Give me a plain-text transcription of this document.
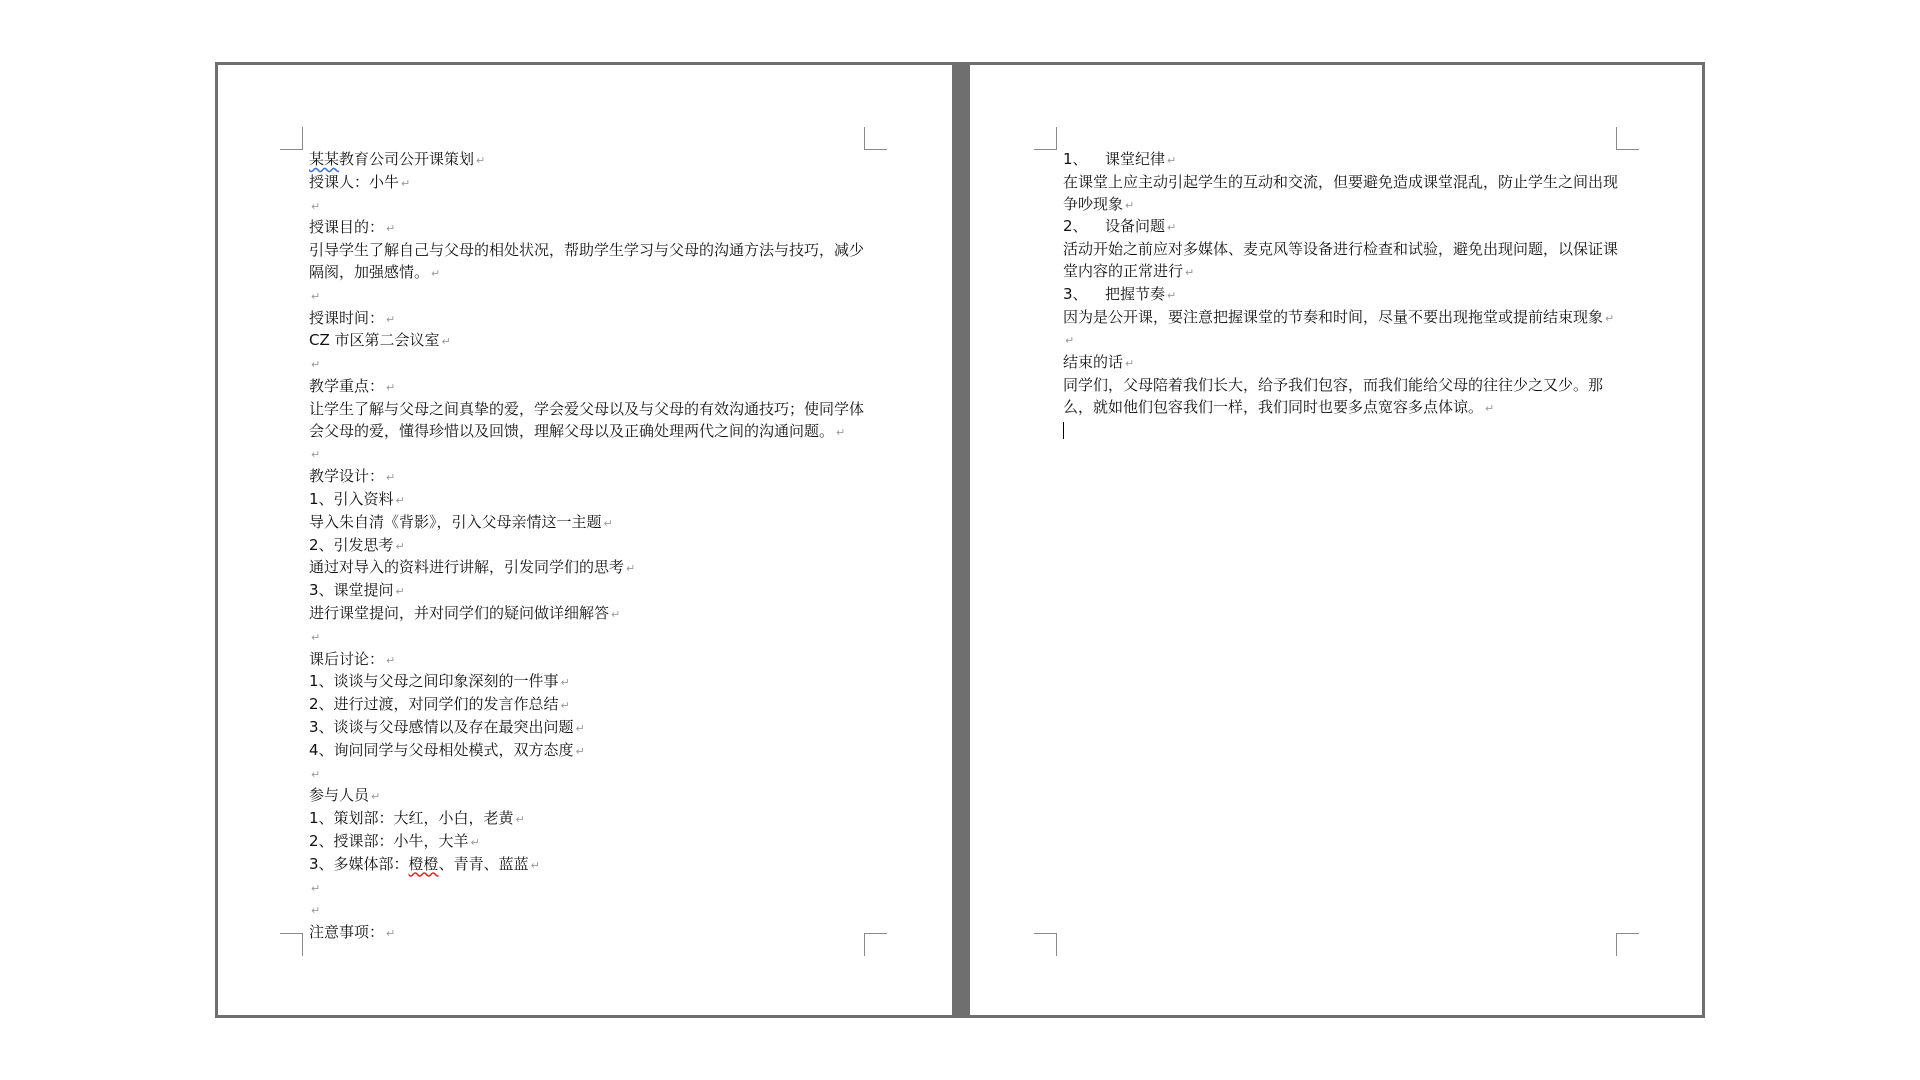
某某教育公司公开课策划 ↵
授课人：小牛 ↵
↵
授课目的： ↵
引导学生了解自己与父母的相处状况，帮助学生学习与父母的沟通方法与技巧，减少隔阂，加强感情。 ↵
↵
授课时间： ↵
CZ 市区第二会议室 ↵
↵
教学重点： ↵
让学生了解与父母之间真挚的爱，学会爱父母以及与父母的有效沟通技巧；使同学体会父母的爱，懂得珍惜以及回馈，理解父母以及正确处理两代之间的沟通问题。 ↵
↵
教学设计： ↵
1、引入资料 ↵
导入朱自清《背影》，引入父母亲情这一主题 ↵
2、引发思考 ↵
通过对导入的资料进行讲解，引发同学们的思考 ↵
3、课堂提问 ↵
进行课堂提问，并对同学们的疑问做详细解答 ↵
↵
课后讨论： ↵
1、谈谈与父母之间印象深刻的一件事 ↵
2、进行过渡，对同学们的发言作总结 ↵
3、谈谈与父母感情以及存在最突出问题 ↵
4、询问同学与父母相处模式，双方态度 ↵
↵
参与人员 ↵
1、策划部：大红，小白，老黄 ↵
2、授课部：小牛，大羊 ↵
3、多媒体部：橙橙、青青、蓝蓝 ↵
↵
↵
注意事项： ↵
1、 课堂纪律 ↵
在课堂上应主动引起学生的互动和交流，但要避免造成课堂混乱，防止学生之间出现争吵现象 ↵
2、 设备问题 ↵
活动开始之前应对多媒体、麦克风等设备进行检查和试验，避免出现问题，以保证课堂内容的正常进行 ↵
3、 把握节奏 ↵
因为是公开课，要注意把握课堂的节奏和时间，尽量不要出现拖堂或提前结束现象 ↵
↵
结束的话 ↵
同学们，父母陪着我们长大，给予我们包容，而我们能给父母的往往少之又少。那么，就如他们包容我们一样，我们同时也要多点宽容多点体谅。 ↵
